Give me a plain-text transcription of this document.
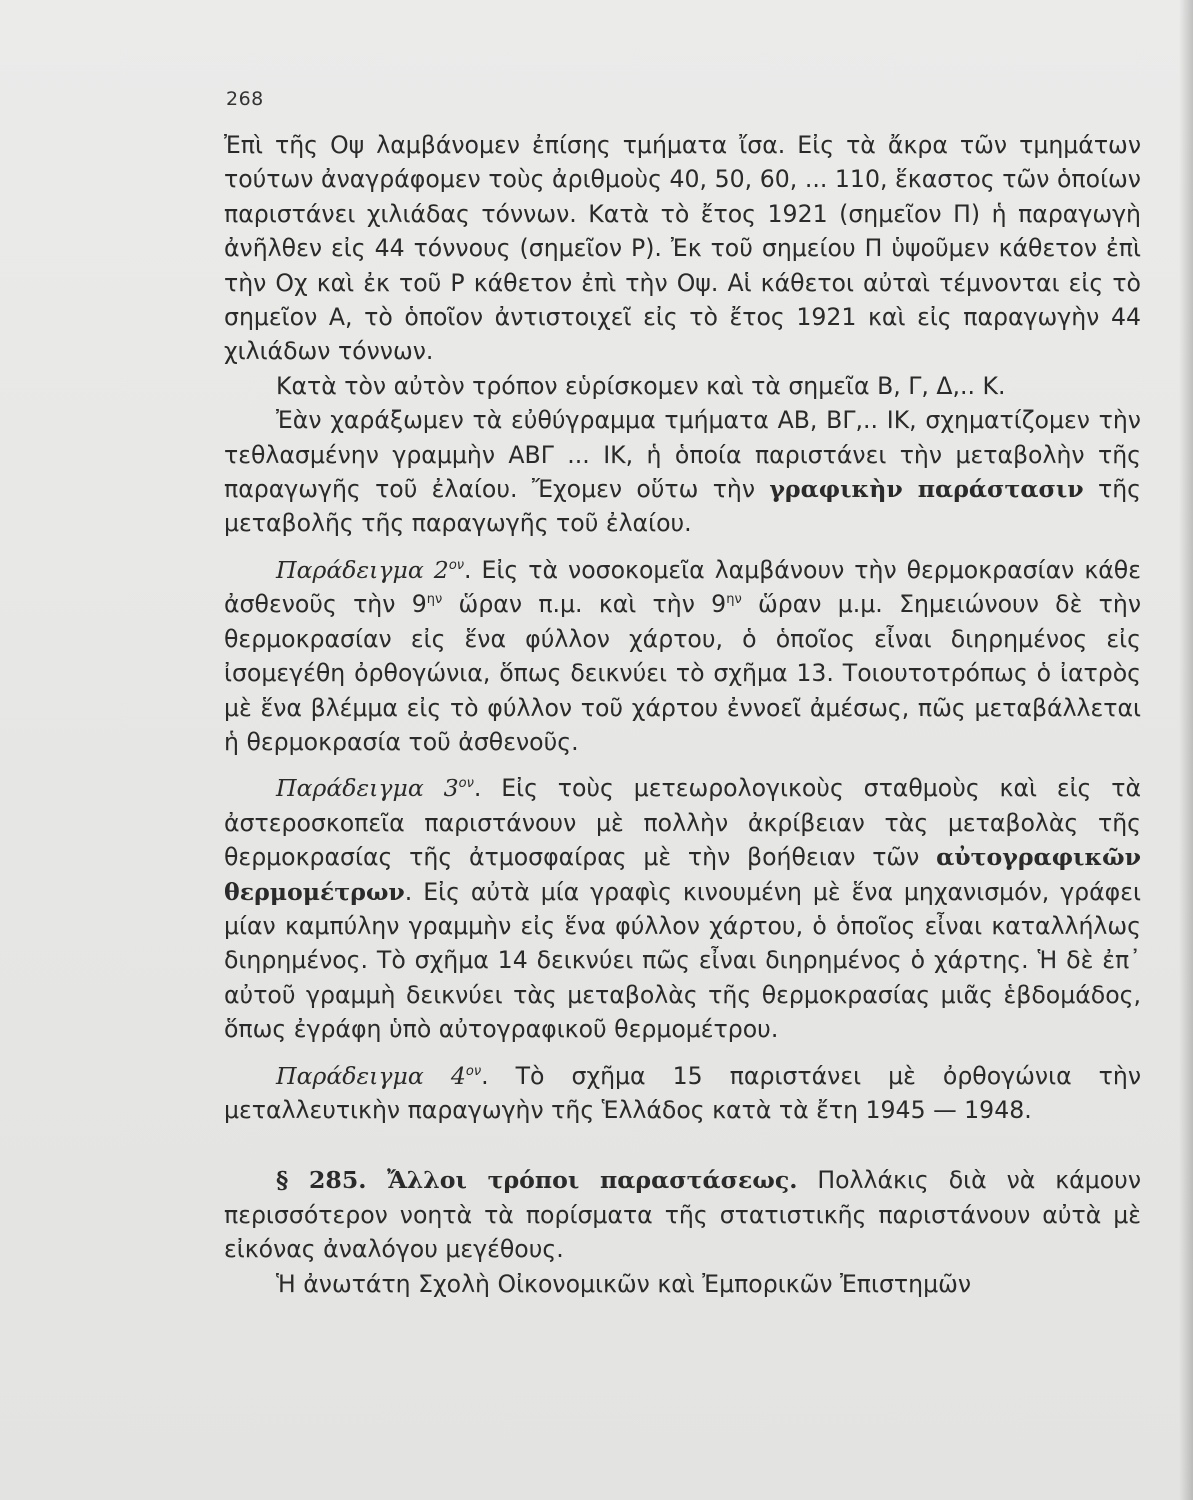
268

Ἐπὶ τῆς Οψ λαμβάνομεν ἐπίσης τμήματα ἴσα. Εἰς τὰ ἄκρα τῶν τμημάτων τούτων ἀναγράφομεν τοὺς ἀριθμοὺς 40, 50, 60, ... 110, ἕκαστος τῶν ὁποίων παριστάνει χιλιάδας τόννων. Κατὰ τὸ ἔτος 1921 (σημεῖον Π) ἡ παραγωγὴ ἀνῆλθεν εἰς 44 τόννους (σημεῖον Ρ). Ἐκ τοῦ σημείου Π ὑψοῦμεν κάθετον ἐπὶ τὴν Οχ καὶ ἐκ τοῦ Ρ κάθετον ἐπὶ τὴν Οψ. Αἱ κάθετοι αὐταὶ τέμνονται εἰς τὸ σημεῖον Α, τὸ ὁποῖον ἀντιστοιχεῖ εἰς τὸ ἔτος 1921 καὶ εἰς παραγωγὴν 44 χιλιάδων τόννων.

Κατὰ τὸν αὐτὸν τρόπον εὑρίσκομεν καὶ τὰ σημεῖα Β, Γ, Δ,.. Κ.

Ἐὰν χαράξωμεν τὰ εὐθύγραμμα τμήματα ΑΒ, ΒΓ,.. ΙΚ, σχηματίζομεν τὴν τεθλασμένην γραμμὴν ΑΒΓ ... ΙΚ, ἡ ὁποία παριστάνει τὴν μεταβολὴν τῆς παραγωγῆς τοῦ ἐλαίου. Ἔχομεν οὕτω τὴν γραφικὴν παράστασιν τῆς μεταβολῆς τῆς παραγωγῆς τοῦ ἐλαίου.

Παράδειγμα $2^{o\nu}$. Εἰς τὰ νοσοκομεῖα λαμβάνουν τὴν θερμοκρασίαν κάθε ἀσθενοῦς τὴν $9^{\eta\nu}$ ὥραν π.μ. καὶ τὴν $9^{\eta\nu}$ ὥραν μ.μ. Σημειώνουν δὲ τὴν θερμοκρασίαν εἰς ἕνα φύλλον χάρτου, ὁ ὁποῖος εἶναι διηρημένος εἰς ἰσομεγέθη ὀρθογώνια, ὅπως δεικνύει τὸ σχῆμα 13. Τοιουτοτρόπως ὁ ἰατρὸς μὲ ἕνα βλέμμα εἰς τὸ φύλλον τοῦ χάρτου ἐννοεῖ ἀμέσως, πῶς μεταβάλλεται ἡ θερμοκρασία τοῦ ἀσθενοῦς.

Παράδειγμα $3^{o\nu}$. Εἰς τοὺς μετεωρολογικοὺς σταθμοὺς καὶ εἰς τὰ ἀστεροσκοπεῖα παριστάνουν μὲ πολλὴν ἀκρίβειαν τὰς μεταβολὰς τῆς θερμοκρασίας τῆς ἀτμοσφαίρας μὲ τὴν βοήθειαν τῶν αὐτογραφικῶν θερμομέτρων. Εἰς αὐτὰ μία γραφὶς κινουμένη μὲ ἕνα μηχανισμόν, γράφει μίαν καμπύλην γραμμὴν εἰς ἕνα φύλλον χάρτου, ὁ ὁποῖος εἶναι καταλλήλως διηρημένος. Τὸ σχῆμα 14 δεικνύει πῶς εἶναι διηρημένος ὁ χάρτης. Ἡ δὲ ἐπ᾽ αὐτοῦ γραμμὴ δεικνύει τὰς μεταβολὰς τῆς θερμοκρασίας μιᾶς ἑβδομάδος, ὅπως ἐγράφη ὑπὸ αὐτογραφικοῦ θερμομέτρου.

Παράδειγμα $4^{o\nu}$. Τὸ σχῆμα 15 παριστάνει μὲ ὀρθογώνια τὴν μεταλλευτικὴν παραγωγὴν τῆς Ἑλλάδος κατὰ τὰ ἔτη 1945 — 1948.

§ 285. Ἄλλοι τρόποι παραστάσεως. Πολλάκις διὰ νὰ κάμουν περισσότερον νοητὰ τὰ πορίσματα τῆς στατιστικῆς παριστάνουν αὐτὰ μὲ εἰκόνας ἀναλόγου μεγέθους.

Ἡ ἀνωτάτη Σχολὴ Οἰκονομικῶν καὶ Ἐμπορικῶν Ἐπιστημῶν
